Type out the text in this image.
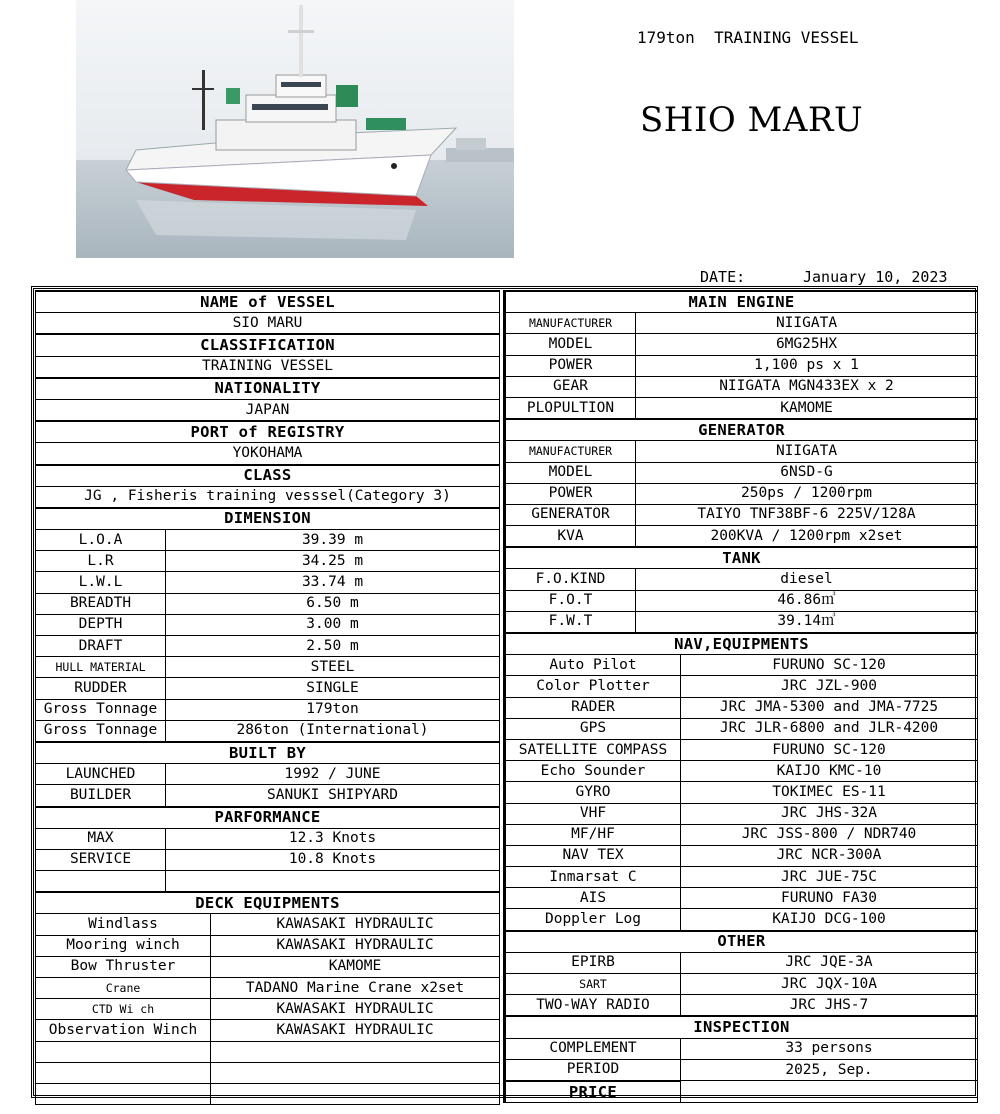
179ton  TRAINING VESSEL
SHIO MARU
DATE:	January 10, 2023
NAME of VESSEL		
SIO MARU		
CLASSIFICATION		
TRAINING VESSEL		
NATIONALITY		
JAPAN		
PORT of REGISTRY		
YOKOHAMA		
CLASS		
JG , Fisheris training vesssel(Category 3)		
DIMENSION		
L.O.A	39.39 m	
L.R	34.25 m	
L.W.L	33.74 m	
BREADTH	6.50 m	
DEPTH	3.00 m	
DRAFT	2.50 m	
HULL MATERIAL	STEEL	
RUDDER	SINGLE	
Gross Tonnage	179ton	
Gross Tonnage	286ton (International)	
BUILT BY		
LAUNCHED	1992 / JUNE	
BUILDER	SANUKI SHIPYARD	
PARFORMANCE		
MAX	12.3 Knots	
SERVICE	10.8 Knots	

DECK EQUIPMENTS		
Windlass		KAWASAKI HYDRAULIC
Mooring winch		KAWASAKI HYDRAULIC
Bow Thruster		KAMOME
Crane		TADANO Marine Crane x2set
CTD Wi ch		KAWASAKI HYDRAULIC
Observation Winch		KAWASAKI HYDRAULIC

MAIN ENGINE		
MANUFACTURER	NIIGATA	
MODEL	6MG25HX	
POWER	1,100 ps x 1	
GEAR	NIIGATA MGN433EX x 2	
PLOPULTION	KAMOME	
GENERATOR		
MANUFACTURER	NIIGATA	
MODEL	6NSD-G	
POWER	250ps / 1200rpm	
GENERATOR	TAIYO TNF38BF-6 225V/128A	
KVA	200KVA / 1200rpm x2set	
TANK		
F.O.KIND	diesel	
F.O.T	46.86㎥	
F.W.T	39.14㎥	
NAV,EQUIPMENTS		
Auto Pilot		FURUNO SC-120
Color Plotter		JRC JZL-900
RADER		JRC JMA-5300 and JMA-7725
GPS		JRC JLR-6800 and JLR-4200
SATELLITE COMPASS		FURUNO SC-120
Echo Sounder		KAIJO KMC-10
GYRO		TOKIMEC ES-11
VHF		JRC JHS-32A
MF/HF		JRC JSS-800 / NDR740
NAV TEX		JRC NCR-300A
Inmarsat C		JRC JUE-75C
AIS		FURUNO FA30
Doppler Log		KAIJO DCG-100
OTHER		
EPIRB		JRC JQE-3A
SART		JRC JQX-10A
TWO-WAY RADIO		JRC JHS-7
INSPECTION		
COMPLEMENT		33 persons
PERIOD		2025, Sep.
PRICE		
